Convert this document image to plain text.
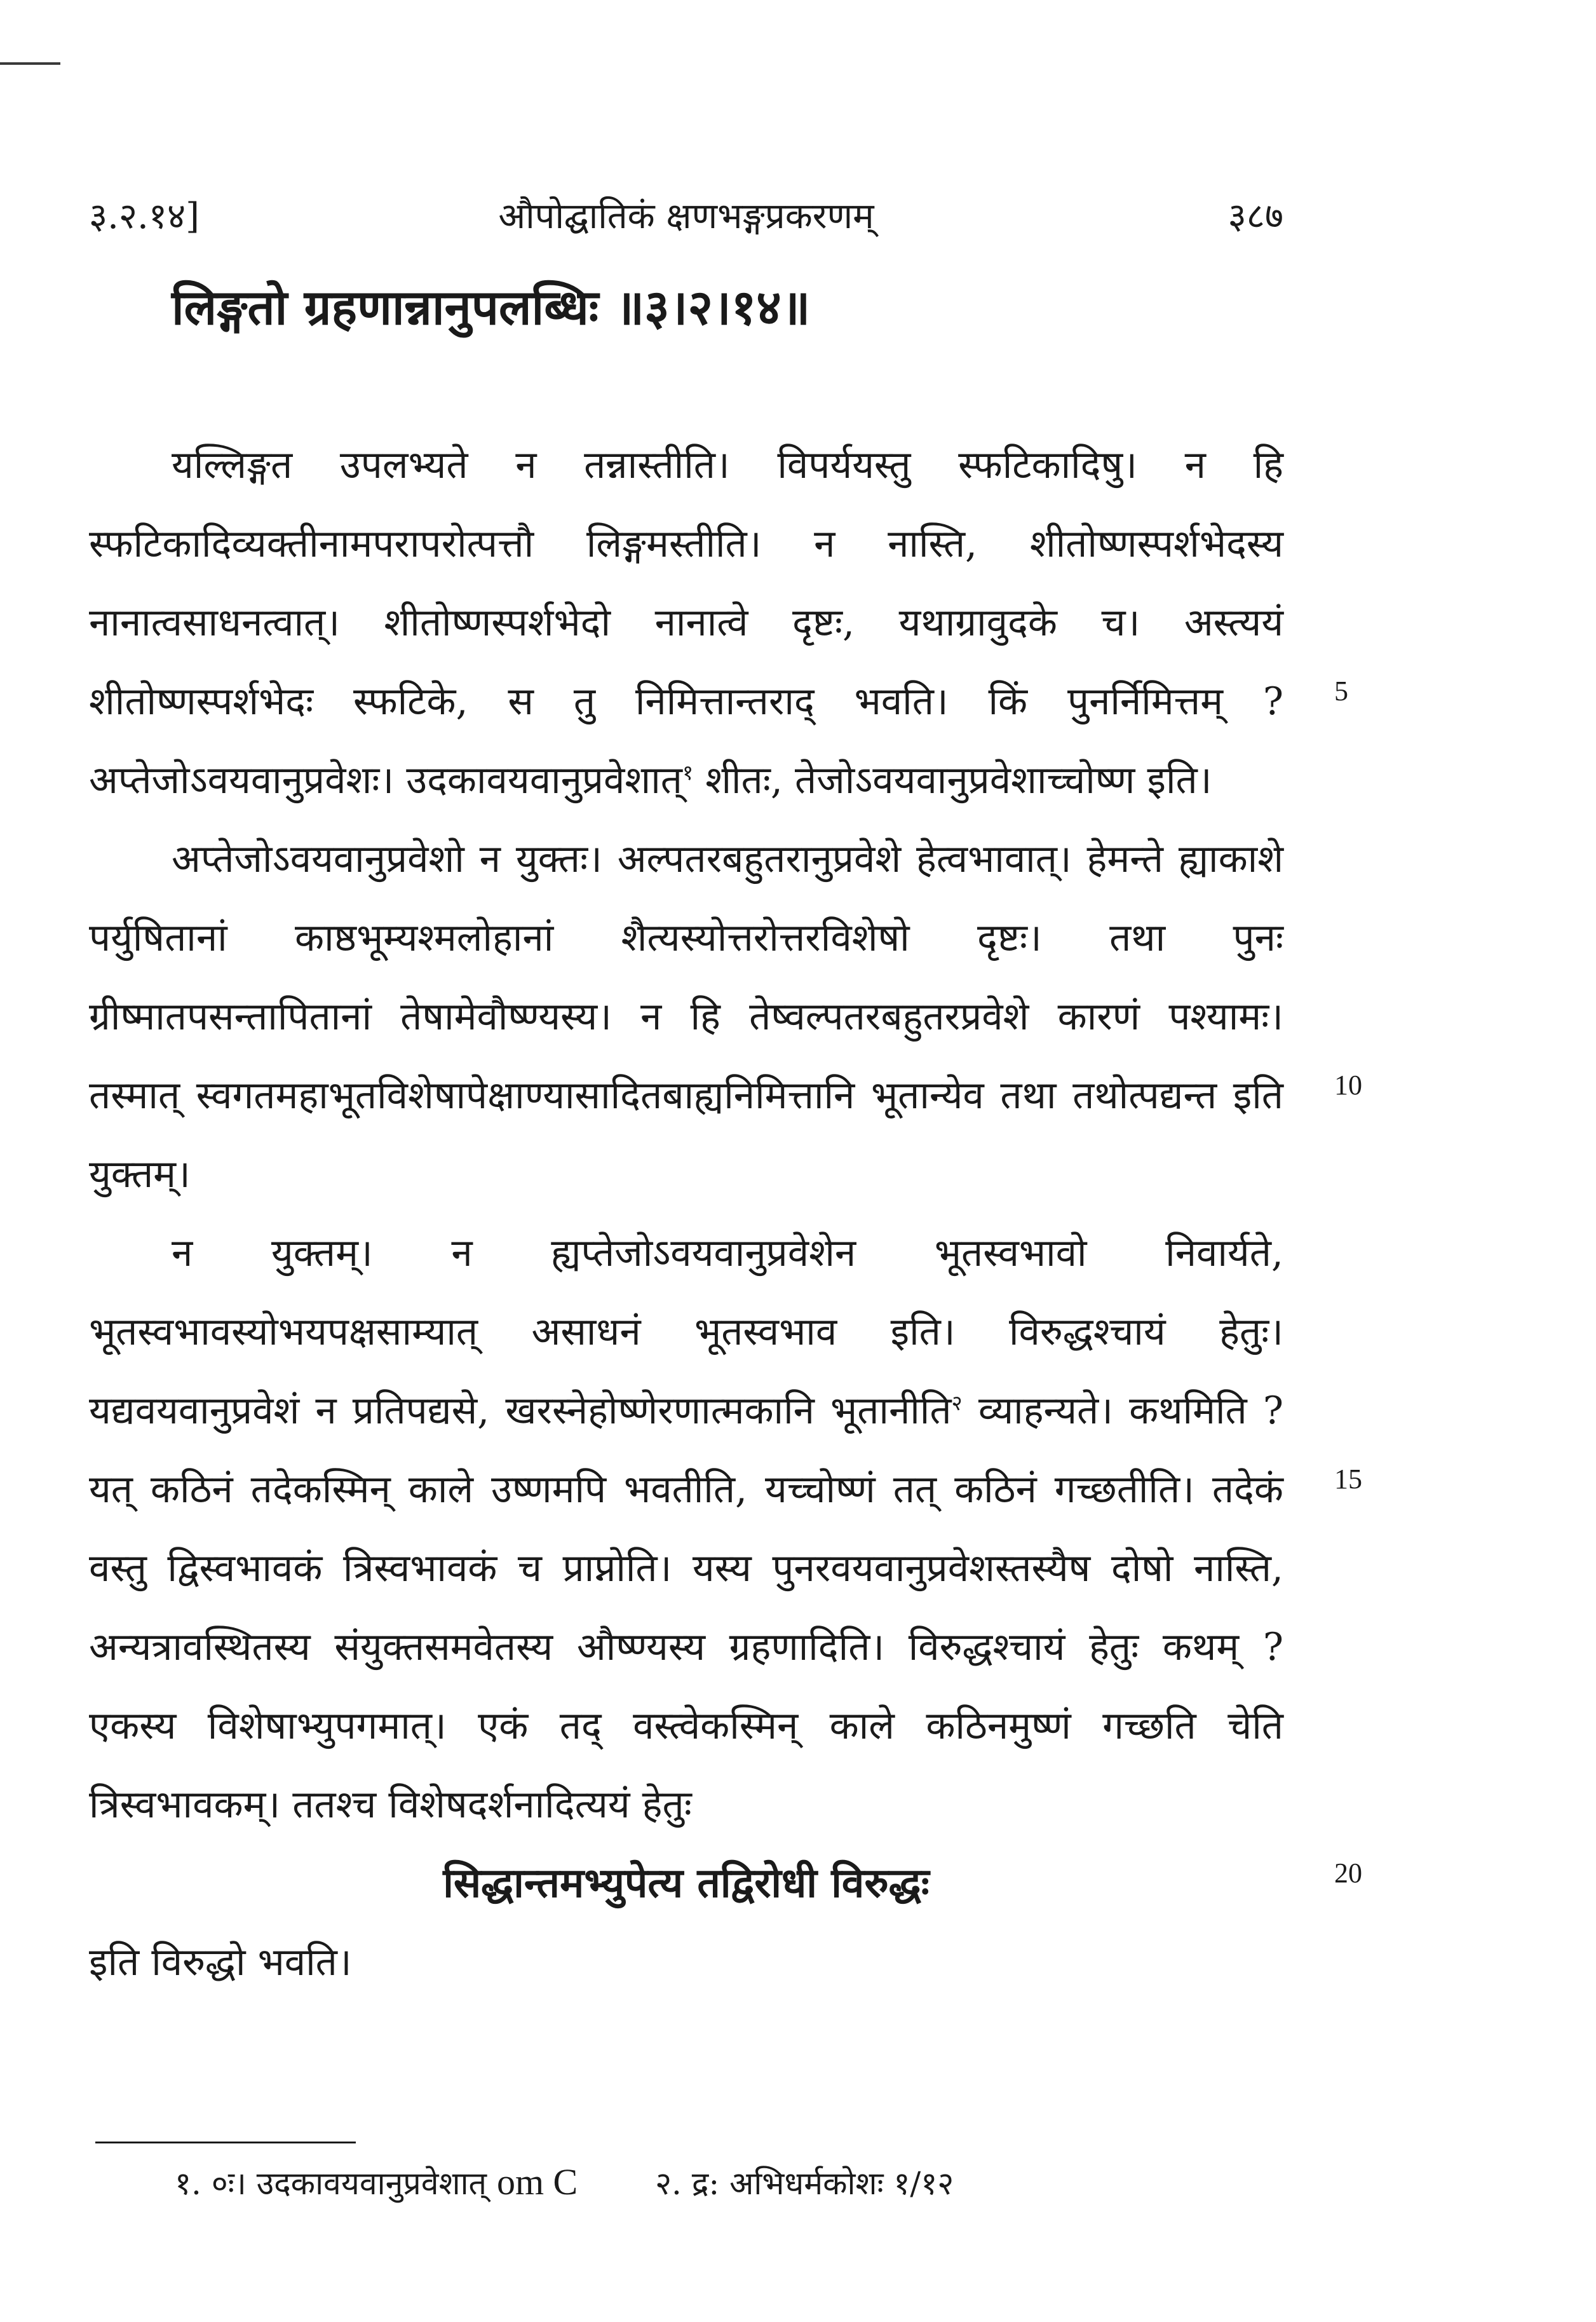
३.२.१४]	औपोद्घातिकं क्षणभङ्गप्रकरणम्	३८७
लिङ्गतो ग्रहणान्नानुपलब्धिः ॥३।२।१४॥

यल्लिङ्गत उपलभ्यते न तन्नास्तीति। विपर्ययस्तु स्फटिकादिषु। न हि स्फटिकादिव्यक्तीनामपरापरोत्पत्तौ लिङ्गमस्तीति। न नास्ति, शीतोष्णस्पर्शभेदस्य नानात्वसाधनत्वात्। शीतोष्णस्पर्शभेदो नानात्वे दृष्टः, यथाग्रावुदके च। अस्त्ययं शीतोष्णस्पर्शभेदः स्फटिके, स तु निमित्तान्तराद् भवति। किं पुनर्निमित्तम् ? अप्तेजोऽवयवानुप्रवेशः। उदकावयवानुप्रवेशात्$^१$ शीतः, तेजोऽवयवानुप्रवेशाच्चोष्ण इति।

अप्तेजोऽवयवानुप्रवेशो न युक्तः। अल्पतरबहुतरानुप्रवेशे हेत्वभावात्। हेमन्ते ह्याकाशे पर्युषितानां काष्ठभूम्यश्मलोहानां शैत्यस्योत्तरोत्तरविशेषो दृष्टः। तथा पुनः ग्रीष्मातपसन्तापितानां तेषामेवौष्ण्यस्य। न हि तेष्वल्पतरबहुतरप्रवेशे कारणं पश्यामः। तस्मात् स्वगतमहाभूतविशेषापेक्षाण्यासादितबाह्यनिमित्तानि भूतान्येव तथा तथोत्पद्यन्त इति युक्तम्।

न युक्तम्। न ह्यप्तेजोऽवयवानुप्रवेशेन भूतस्वभावो निवार्यते, भूतस्वभावस्योभयपक्षसाम्यात् असाधनं भूतस्वभाव इति। विरुद्धश्चायं हेतुः। यद्यवयवानुप्रवेशं न प्रतिपद्यसे, खरस्नेहोष्णेरणात्मकानि भूतानीति$^२$ व्याहन्यते। कथमिति ? यत् कठिनं तदेकस्मिन् काले उष्णमपि भवतीति, यच्चोष्णं तत् कठिनं गच्छतीति। तदेकं वस्तु द्विस्वभावकं त्रिस्वभावकं च प्राप्नोति। यस्य पुनरवयवानुप्रवेशस्तस्यैष दोषो नास्ति, अन्यत्रावस्थितस्य संयुक्तसमवेतस्य औष्ण्यस्य ग्रहणादिति। विरुद्धश्चायं हेतुः कथम् ? एकस्य विशेषाभ्युपगमात्। एकं तद् वस्त्वेकस्मिन् काले कठिनमुष्णं गच्छति चेति त्रिस्वभावकम्। ततश्च विशेषदर्शनादित्ययं हेतुः

सिद्धान्तमभ्युपेत्य तद्विरोधी विरुद्धः

इति विरुद्धो भवति।

5
10
15
20
१. ०ः। उदकावयवानुप्रवेशात् om C २. द्र: अभिधर्मकोशः १/१२
